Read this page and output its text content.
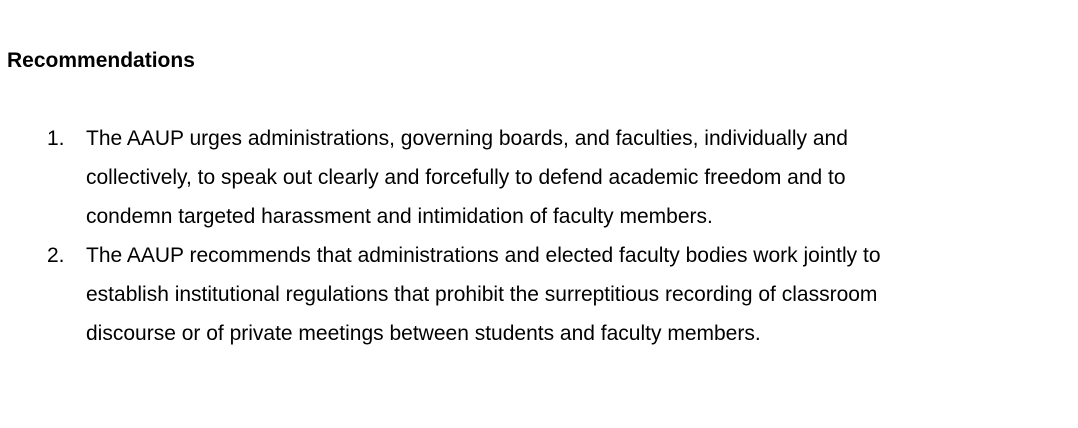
Recommendations
1. The AAUP urges administrations, governing boards, and faculties, individually and
collectively, to speak out clearly and forcefully to defend academic freedom and to
condemn targeted harassment and intimidation of faculty members.
2. The AAUP recommends that administrations and elected faculty bodies work jointly to
establish institutional regulations that prohibit the surreptitious recording of classroom
discourse or of private meetings between students and faculty members.
